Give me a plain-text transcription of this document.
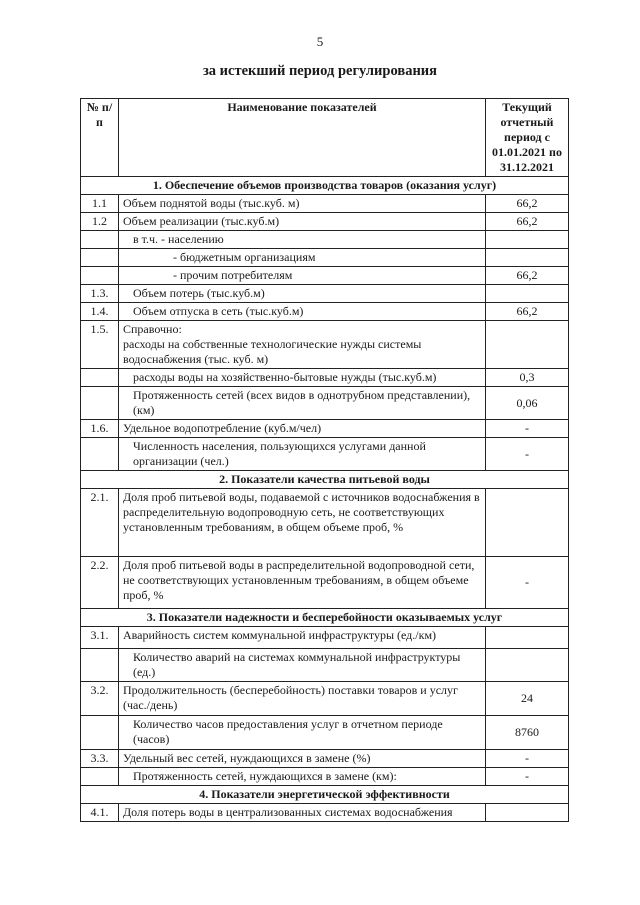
5
за истекший период регулирования
№ п/п	Наименование показателей	Текущий отчетный период с 01.01.2021 по 31.12.2021
1. Обеспечение объемов производства товаров (оказания услуг)		
1.1	Объем поднятой воды (тыс.куб. м)	66,2
1.2	Объем реализации (тыс.куб.м)	66,2
	в т.ч. - населению	
	- бюджетным организациям	
	- прочим потребителям	66,2
1.3.	Объем потерь (тыс.куб.м)	
1.4.	Объем отпуска в сеть (тыс.куб.м)	66,2
1.5.	Справочно:
расходы на собственные технологические нужды системы водоснабжения (тыс. куб. м)	
	расходы воды на хозяйственно-бытовые нужды (тыс.куб.м)	0,3
	Протяженность сетей (всех видов в однотрубном представлении), (км)	0,06
1.6.	Удельное водопотребление (куб.м/чел)	-
	Численность населения, пользующихся услугами данной организации (чел.)	-
2. Показатели качества питьевой воды		
2.1.	Доля проб питьевой воды, подаваемой с источников водоснабжения в распределительную водопроводную сеть, не соответствующих установленным требованиям, в общем объеме проб, %	
2.2.	Доля проб питьевой воды в распределительной водопроводной сети, не соответствующих установленным требованиям, в общем объеме проб, %	-
3. Показатели надежности и бесперебойности оказываемых услуг		
3.1.	Аварийность систем коммунальной инфраструктуры (ед./км)	
	Количество аварий на системах коммунальной инфраструктуры (ед.)	
3.2.	Продолжительность (бесперебойность) поставки товаров и услуг (час./день)	24
	Количество часов предоставления услуг в отчетном периоде (часов)	8760
3.3.	Удельный вес сетей, нуждающихся в замене (%)	-
	Протяженность сетей, нуждающихся в замене (км):	-
4. Показатели энергетической эффективности		
4.1.	Доля потерь воды в централизованных системах водоснабжения	
